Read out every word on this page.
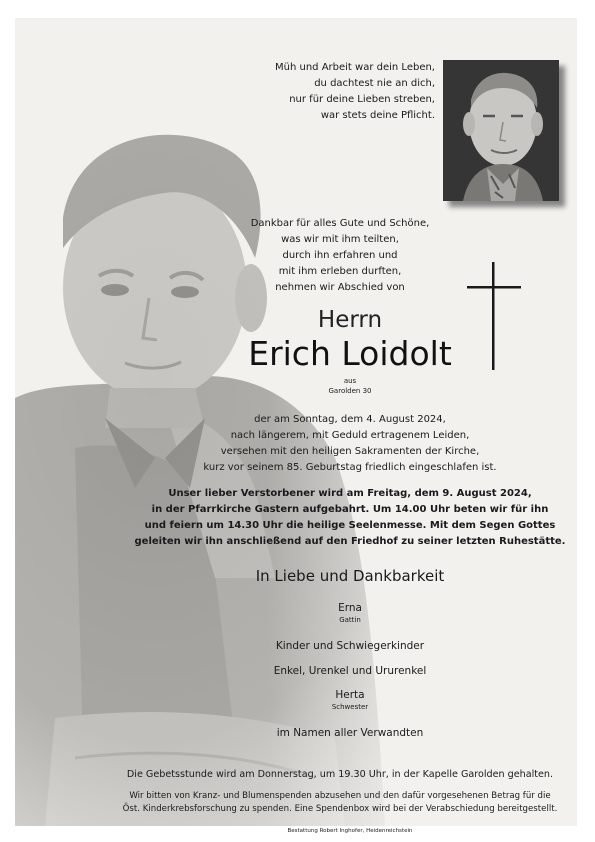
Müh und Arbeit war dein Leben,
du dachtest nie an dich,
nur für deine Lieben streben,
war stets deine Pflicht.
Dankbar für alles Gute und Schöne,
was wir mit ihm teilten,
durch ihn erfahren und
mit ihm erleben durften,
nehmen wir Abschied von
Herrn
Erich Loidolt
aus
Garolden 30
der am Sonntag, dem 4. August 2024,
nach längerem, mit Geduld ertragenem Leiden,
versehen mit den heiligen Sakramenten der Kirche,
kurz vor seinem 85. Geburtstag friedlich eingeschlafen ist.
Unser lieber Verstorbener wird am Freitag, dem 9. August 2024,
in der Pfarrkirche Gastern aufgebahrt. Um 14.00 Uhr beten wir für ihn
und feiern um 14.30 Uhr die heilige Seelenmesse. Mit dem Segen Gottes
geleiten wir ihn anschließend auf den Friedhof zu seiner letzten Ruhestätte.
In Liebe und Dankbarkeit
Erna
Gattin
Kinder und Schwiegerkinder
Enkel, Urenkel und Ururenkel
Herta
Schwester
im Namen aller Verwandten
Die Gebetsstunde wird am Donnerstag, um 19.30 Uhr, in der Kapelle Garolden gehalten.
Wir bitten von Kranz- und Blumenspenden abzusehen und den dafür vorgesehenen Betrag für die
Öst. Kinderkrebsforschung zu spenden. Eine Spendenbox wird bei der Verabschiedung bereitgestellt.
Bestattung Robert Inghofer, Heidenreichstein
